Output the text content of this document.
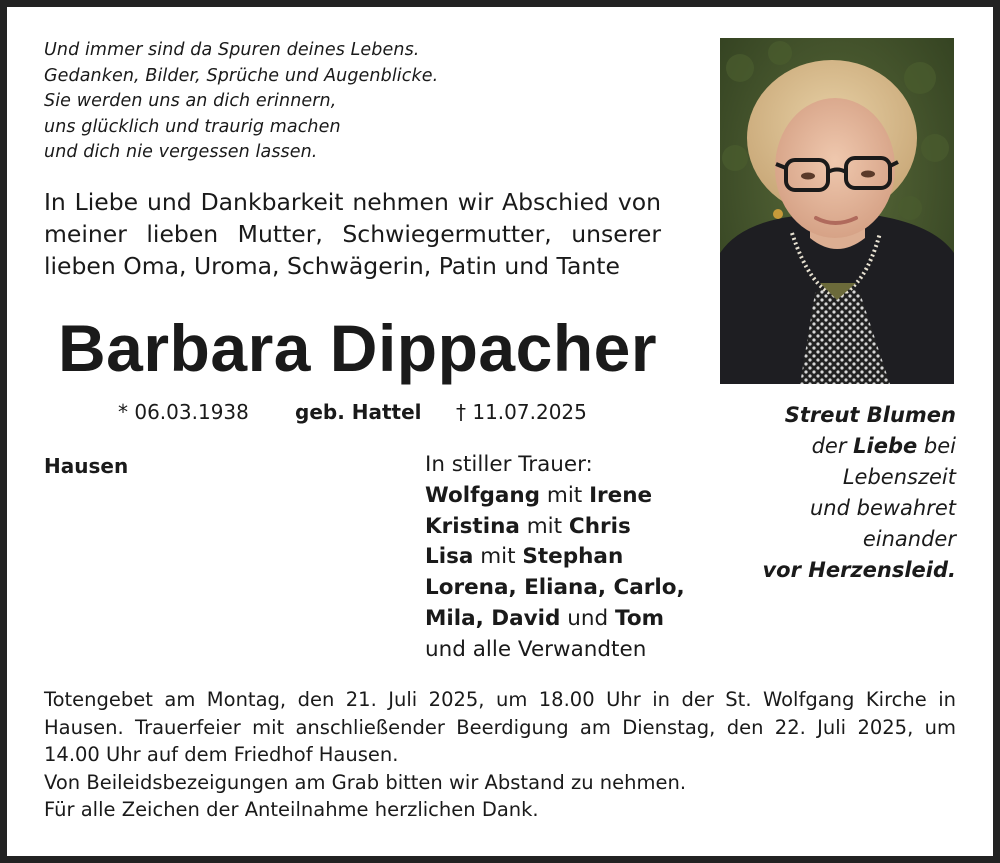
Und immer sind da Spuren deines Lebens.
Gedanken, Bilder, Sprüche und Augenblicke.
Sie werden uns an dich erinnern,
uns glücklich und traurig machen
und dich nie vergessen lassen.
In Liebe und Dankbarkeit nehmen wir Abschied von
meiner lieben Mutter, Schwiegermutter, unserer
lieben Oma, Uroma, Schwägerin, Patin und Tante
Barbara Dippacher
* 06.03.1938 geb. Hattel † 11.07.2025
Hausen	In stiller Trauer:
Wolfgang mit Irene
Kristina mit Chris
Lisa mit Stephan
Lorena, Eliana, Carlo,
Mila, David und Tom
und alle Verwandten
Streut Blumen
der Liebe bei
Lebenszeit
und bewahret
einander
vor Herzensleid.
Totengebet am Montag, den 21. Juli 2025, um 18.00 Uhr in der St. Wolfgang Kirche in
Hausen. Trauerfeier mit anschließender Beerdigung am Dienstag, den 22. Juli 2025, um
14.00 Uhr auf dem Friedhof Hausen.
Von Beileidsbezeigungen am Grab bitten wir Abstand zu nehmen.
Für alle Zeichen der Anteilnahme herzlichen Dank.
